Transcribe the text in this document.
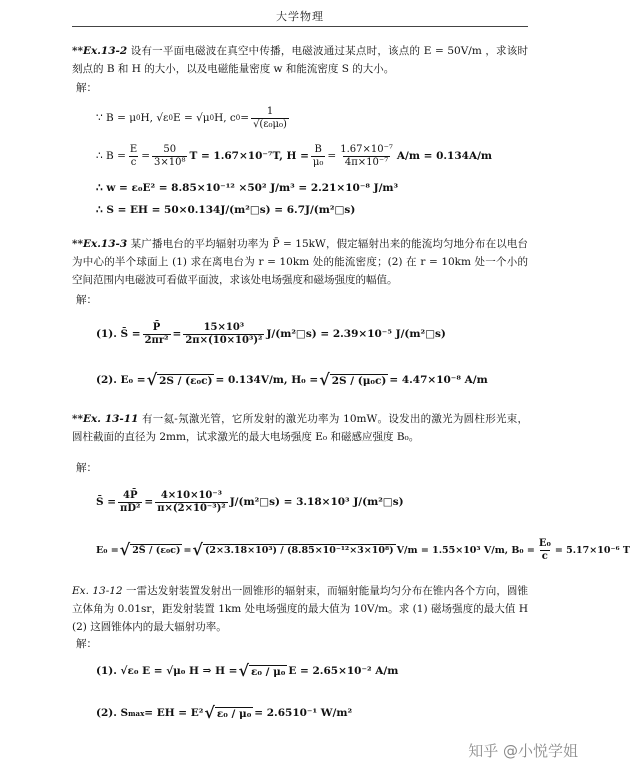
大学物理
**Ex.13-2 设有一平面电磁波在真空中传播，电磁波通过某点时，该点的 E = 50V/m ，求该时刻点的 B 和 H 的大小，以及电磁能量密度 w 和能流密度 S 的大小。
解：
∵ B = μ 0 H, √ε 0 E = √μ 0 H, c $0 = \frac{1}{\text{√(ε₀μ₀)}}$
∴ $B = \frac{E}{c} = \frac{50}{\text{3×10⁸}}$ T = 1.67×10⁻⁷T, $H = \frac{B}{\text{μ₀}} = \frac{\text{1.67×10⁻⁷}}{\text{4π×10⁻⁷}} A/m = 0.134A/m$
∴ w = ε₀E² = 8.85×10⁻¹² ×50² J/m³ = 2.21×10⁻⁸ J/m³
∴ S = EH = 50×0.134J/(m²□s) = 6.7J/(m²□s)
**Ex.13-3 某广播电台的平均辐射功率为 P̄ = 15kW，假定辐射出来的能流均匀地分布在以电台为中心的半个球面上 (1) 求在离电台为 r = 10km 处的能流密度；(2) 在 r = 10km 处一个小的空间范围内电磁波可看做平面波，求该处电场强度和磁场强度的幅值。
解：
(1). S̄ = $\frac{P̄}{\text{2πr²}} = \frac{\text{15×10³}}{\text{2π×(10×10³)²}}$ J/(m²□s) = 2.39×10⁻⁵ J/(m²□s)
(2). E₀ = √ 2S̄ / (ε₀c) = 0.134V/m, H₀ = √ 2S̄ / (μ₀c) = 4.47×10⁻⁸ A/m
**Ex. 13-11 有一氦-氖激光管，它所发射的激光功率为 10mW。设发出的激光为圆柱形光束，圆柱截面的直径为 2mm，试求激光的最大电场强度 E₀ 和磁感应强度 B₀。
解：
S̄ = $\frac{4P̄}{\text{πD²}} = \frac{\text{4×10×10⁻³}}{\text{π×(2×10⁻³)²}}$ J/(m²□s) = 3.18×10³ J/(m²□s)
E₀ = √ 2S̄ / (ε₀c) = √ (2×3.18×10³) / (8.85×10⁻¹²×3×10⁸) V/m = 1.55×10³ V/m, $B_0 = \frac{\text{E₀}}{c} = 5.17\times 10^{-6}$ T
Ex. 13-12 一雷达发射装置发射出一圆锥形的辐射束，而辐射能量均匀分布在锥内各个方向，圆锥立体角为 0.01sr，距发射装置 1km 处电场强度的最大值为 10V/m。求 (1) 磁场强度的最大值 H (2) 这圆锥体内的最大辐射功率。
解：
(1). √ε₀ E = √μ₀ H ⇒ H = √ ε₀ / μ₀ E = 2.65×10⁻² A/m
(2). S max = EH = E² √ ε₀ / μ₀ = 2.6510⁻¹ W/m²
知乎 @小悦学姐
